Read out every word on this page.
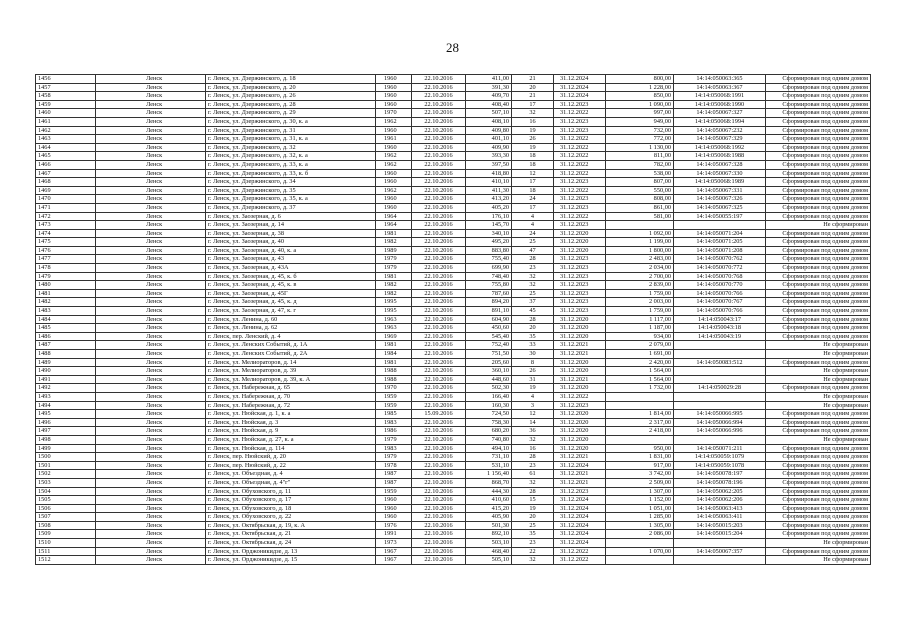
28
1456	Ленск	г. Ленск, ул. Дзержинского, д. 18	1960	22.10.2016	411,00	21	31.12.2024	800,00	14:14:050063:365	Сформирован под одним домом
1457	Ленск	г. Ленск, ул. Дзержинского, д. 20	1960	22.10.2016	391,30	20	31.12.2024	1 228,00	14:14:050063:367	Сформирован под одним домом
1458	Ленск	г. Ленск, ул. Дзержинского, д. 26	1960	22.10.2016	409,70	21	31.12.2024	850,00	14:14:050068:1991	Сформирован под одним домом
1459	Ленск	г. Ленск, ул. Дзержинского, д. 28	1960	22.10.2016	408,40	17	31.12.2023	1 090,00	14:14:050068:1990	Сформирован под одним домом
1460	Ленск	г. Ленск, ул. Дзержинского, д. 29	1970	22.10.2016	507,10	32	31.12.2022	997,00	14:14:050067:327	Сформирован под одним домом
1461	Ленск	г. Ленск, ул. Дзержинского, д. 30, к. а	1962	22.10.2016	408,10	16	31.12.2023	949,00	14:14:050068:1994	Сформирован под одним домом
1462	Ленск	г. Ленск, ул. Дзержинского, д. 31	1960	22.10.2016	409,80	19	31.12.2023	732,00	14:14:050067:232	Сформирован под одним домом
1463	Ленск	г. Ленск, ул. Дзержинского, д. 31, к. а	1961	22.10.2016	401,10	26	31.12.2022	772,00	14:14:050067:329	Сформирован под одним домом
1464	Ленск	г. Ленск, ул. Дзержинского, д. 32	1960	22.10.2016	409,90	19	31.12.2022	1 130,00	14:14:050068:1992	Сформирован под одним домом
1465	Ленск	г. Ленск, ул. Дзержинского, д. 32, к. а	1962	22.10.2016	393,30	18	31.12.2022	811,00	14:14:050068:1988	Сформирован под одним домом
1466	Ленск	г. Ленск, ул. Дзержинского, д. 33, к. а	1962	22.10.2016	397,50	18	31.12.2022	782,00	14:14:050067:328	Сформирован под одним домом
1467	Ленск	г. Ленск, ул. Дзержинского, д. 33, к. б	1960	22.10.2016	418,80	12	31.12.2022	538,00	14:14:050067:330	Сформирован под одним домом
1468	Ленск	г. Ленск, ул. Дзержинского, д. 34	1960	22.10.2016	410,10	17	31.12.2023	807,00	14:14:050068:1989	Сформирован под одним домом
1469	Ленск	г. Ленск, ул. Дзержинского, д. 35	1962	22.10.2016	411,30	18	31.12.2022	550,00	14:14:050067:331	Сформирован под одним домом
1470	Ленск	г. Ленск, ул. Дзержинского, д. 35, к. а	1960	22.10.2016	413,20	24	31.12.2023	808,00	14:14:050067:326	Сформирован под одним домом
1471	Ленск	г. Ленск, ул. Дзержинского, д. 37	1960	22.10.2016	405,20	17	31.12.2023	861,00	14:14:050067:325	Сформирован под одним домом
1472	Ленск	г. Ленск, ул. Заозерная, д. 6	1964	22.10.2016	176,10	4	31.12.2022	581,00	14:14:050055:197	Сформирован под одним домом
1473	Ленск	г. Ленск, ул. Заозерная, д. 14	1964	22.10.2016	145,70	4	31.12.2023			Не сформирован
1474	Ленск	г. Ленск, ул. Заозерная, д. 38	1981	22.10.2016	340,10	24	31.12.2020	1 092,00	14:14:050071:204	Сформирован под одним домом
1475	Ленск	г. Ленск, ул. Заозерная, д. 40	1982	22.10.2016	495,20	25	31.12.2020	1 199,00	14:14:050071:205	Сформирован под одним домом
1476	Ленск	г. Ленск, ул. Заозерная, д. 40, к. а	1989	22.10.2016	883,80	47	31.12.2020	1 800,00	14:14:050071:208	Сформирован под одним домом
1477	Ленск	г. Ленск, ул. Заозерная, д. 43	1979	22.10.2016	755,40	28	31.12.2023	2 483,00	14:14:050070:762	Сформирован под одним домом
1478	Ленск	г. Ленск, ул. Заозерная, д. 43А	1979	22.10.2016	699,90	23	31.12.2023	2 034,00	14:14:050070:772	Сформирован под одним домом
1479	Ленск	г. Ленск, ул. Заозерная, д. 45, к. б	1981	22.10.2016	748,40	32	31.12.2023	2 700,00	14:14:050070:768	Сформирован под одним домом
1480	Ленск	г. Ленск, ул. Заозерная, д. 45, к. в	1982	22.10.2016	755,80	32	31.12.2023	2 839,00	14:14:050070:770	Сформирован под одним домом
1481	Ленск	г. Ленск, ул. Заозерная, д. 45Г	1982	22.10.2016	787,60	25	31.12.2023	1 759,00	14:14:050070:766	Сформирован под одним домом
1482	Ленск	г. Ленск, ул. Заозерная, д. 45, к. д	1995	22.10.2016	894,20	37	31.12.2023	2 003,00	14:14:050070:767	Сформирован под одним домом
1483	Ленск	г. Ленск, ул. Заозерная, д. 47, к. г	1995	22.10.2016	891,10	45	31.12.2023	1 759,00	14:14:050070:766	Сформирован под одним домом
1484	Ленск	г. Ленск, ул. Ленина, д. 60	1963	22.10.2016	604,90	28	31.12.2020	1 117,00	14:14:050043:17	Сформирован под одним домом
1485	Ленск	г. Ленск, ул. Ленина, д. 62	1963	22.10.2016	450,60	20	31.12.2020	1 187,00	14:14:050043:18	Сформирован под одним домом
1486	Ленск	г. Ленск, пер. Ленский, д. 4	1969	22.10.2016	545,40	35	31.12.2020	934,00	14:14:050043:19	Сформирован под одним домом
1487	Ленск	г. Ленск, ул. Ленских Событий, д. 1А	1981	22.10.2016	752,40	33	31.12.2021	2 079,00		Не сформирован
1488	Ленск	г. Ленск, ул. Ленских Событий, д. 2А	1984	22.10.2016	751,50	30	31.12.2021	1 691,00		Не сформирован
1489	Ленск	г. Ленск, ул. Мелиораторов, д. 14	1981	22.10.2016	205,60	8	31.12.2020	2 420,00	14:14:050083:512	Сформирован под одним домом
1490	Ленск	г. Ленск, ул. Мелиораторов, д. 39	1988	22.10.2016	360,10	26	31.12.2020	1 564,00		Не сформирован
1491	Ленск	г. Ленск, ул. Мелиораторов, д. 39, к. А	1988	22.10.2016	448,60	31	31.12.2021	1 564,00		Не сформирован
1492	Ленск	г. Ленск, ул. Набережная, д. 65	1970	22.10.2016	502,30	19	31.12.2020	1 732,00	14:14:050029:28	Сформирован под одним домом
1493	Ленск	г. Ленск, ул. Набережная, д. 70	1959	22.10.2016	166,40	4	31.12.2022			Не сформирован
1494	Ленск	г. Ленск, ул. Набережная, д. 72	1959	22.10.2016	160,30	3	31.12.2023			Не сформирован
1495	Ленск	г. Ленск, ул. Нюйская, д. 1, к. а	1985	15.09.2016	724,50	12	31.12.2020	1 814,00	14:14:050066:995	Сформирован под одним домом
1496	Ленск	г. Ленск, ул. Нюйская, д. 3	1983	22.10.2016	758,30	14	31.12.2020	2 317,00	14:14:050066:994	Сформирован под одним домом
1497	Ленск	г. Ленск, ул. Нюйская, д. 9	1986	22.10.2016	680,20	36	31.12.2020	2 418,00	14:14:050066:996	Сформирован под одним домом
1498	Ленск	г. Ленск, ул. Нюйская, д. 27, к. а	1979	22.10.2016	740,80	32	31.12.2020			Не сформирован
1499	Ленск	г. Ленск, ул. Нюйская, д. 114	1983	22.10.2016	494,10	16	31.12.2020	950,00	14:14:050071:211	Сформирован под одним домом
1500	Ленск	г. Ленск, пер. Нюйский, д. 20	1979	22.10.2016	731,10	28	31.12.2021	1 831,00	14:14:050059:1079	Сформирован под одним домом
1501	Ленск	г. Ленск, пер. Нюйский, д. 22	1978	22.10.2016	531,10	23	31.12.2024	917,00	14:14:050059:1078	Сформирован под одним домом
1502	Ленск	г. Ленск, ул. Объездная, д. 4	1987	22.10.2016	1 156,40	61	31.12.2021	3 742,00	14:14:050078:197	Сформирован под одним домом
1503	Ленск	г. Ленск, ул. Объездная, д. 4"г"	1987	22.10.2016	868,70	32	31.12.2021	2 509,00	14:14:050078:196	Сформирован под одним домом
1504	Ленск	г. Ленск, ул. Обуховского, д. 11	1959	22.10.2016	444,30	28	31.12.2023	1 307,00	14:14:050062:205	Сформирован под одним домом
1505	Ленск	г. Ленск, ул. Обуховского, д. 17	1960	22.10.2016	410,60	15	31.12.2024	1 152,00	14:14:050062:206	Сформирован под одним домом
1506	Ленск	г. Ленск, ул. Обуховского, д. 18	1960	22.10.2016	415,20	19	31.12.2024	1 051,00	14:14:050063:413	Сформирован под одним домом
1507	Ленск	г. Ленск, ул. Обуховского, д. 22	1960	22.10.2016	405,90	20	31.12.2024	1 285,00	14:14:050063:411	Сформирован под одним домом
1508	Ленск	г. Ленск, ул. Октябрьская, д. 19, к. А	1976	22.10.2016	501,30	25	31.12.2024	1 305,00	14:14:050015:203	Сформирован под одним домом
1509	Ленск	г. Ленск, ул. Октябрьская, д. 21	1991	22.10.2016	892,10	35	31.12.2024	2 086,00	14:14:050015:204	Сформирован под одним домом
1510	Ленск	г. Ленск, ул. Октябрьская, д. 24	1973	22.10.2016	503,10	23	31.12.2024			Не сформирован
1511	Ленск	г. Ленск, ул. Орджоникидзе, д. 13	1967	22.10.2016	468,40	22	31.12.2022	1 070,00	14:14:050067:357	Сформирован под одним домом
1512	Ленск	г. Ленск, ул. Орджоникидзе, д. 15	1967	22.10.2016	505,10	32	31.12.2022			Не сформирован
